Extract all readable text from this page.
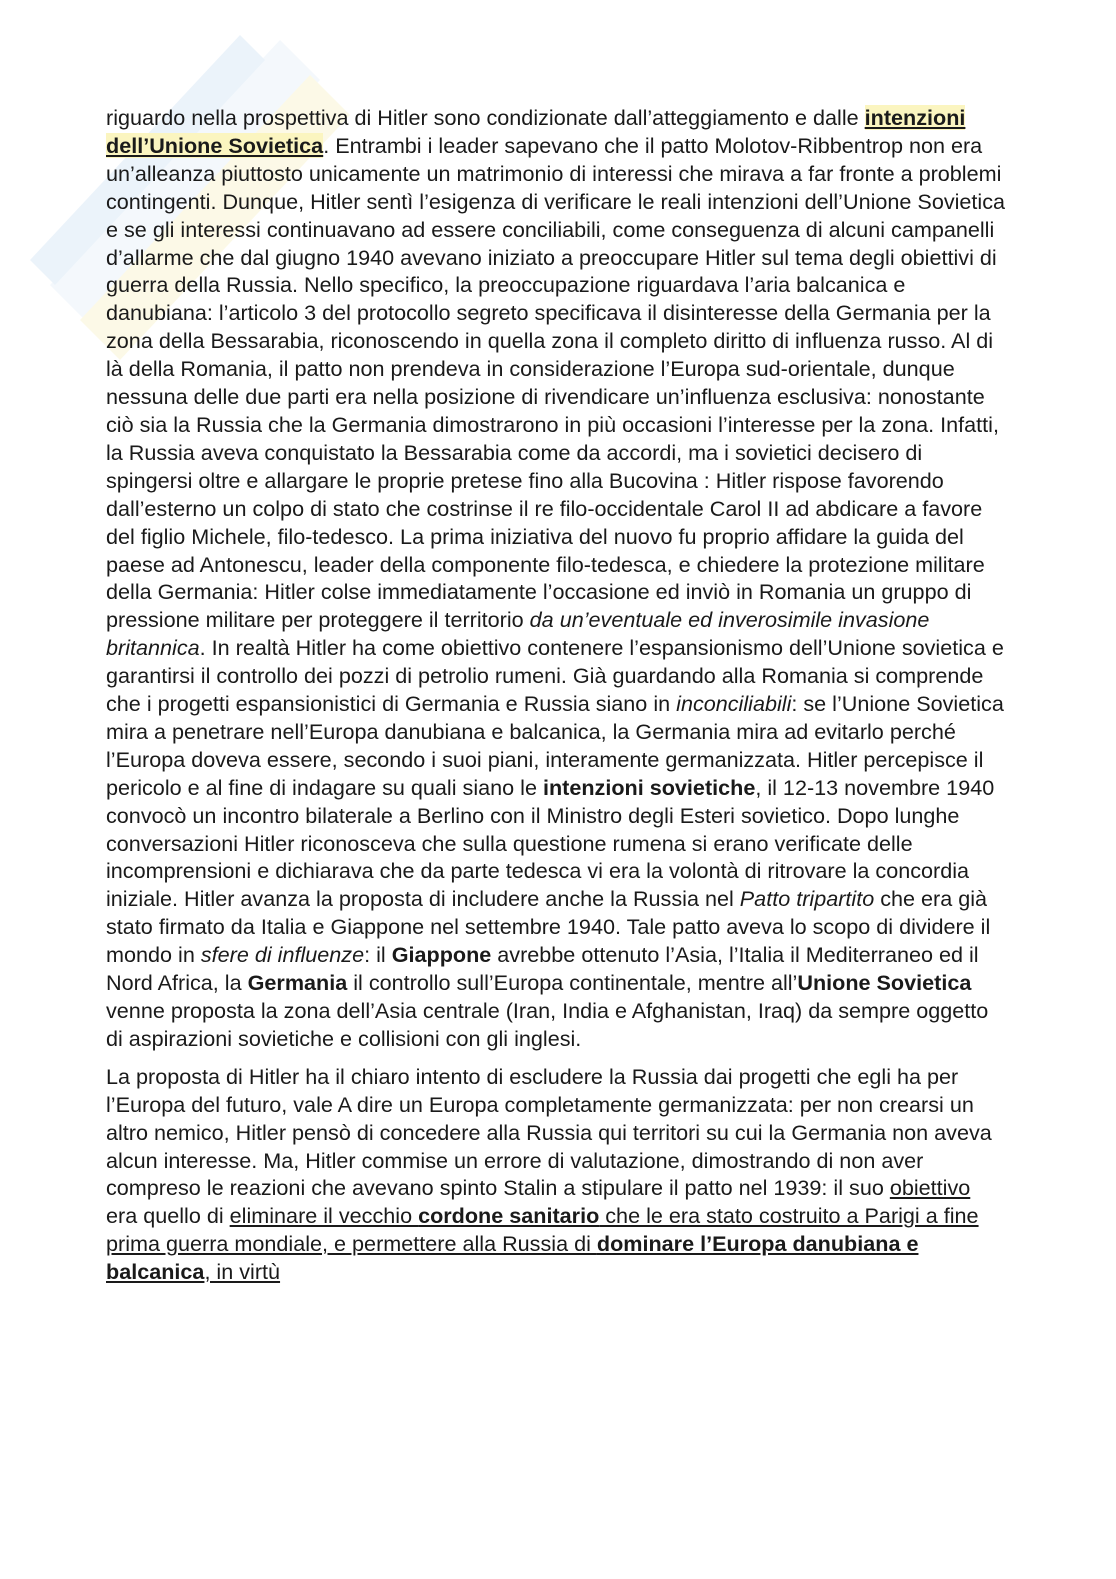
riguardo nella prospettiva di Hitler sono condizionate dall’atteggiamento e dalle intenzioni dell’Unione Sovietica. Entrambi i leader sapevano che il patto Molotov-Ribbentrop non era un’alleanza piuttosto unicamente un matrimonio di interessi che mirava a far fronte a problemi contingenti. Dunque, Hitler sentì l’esigenza di verificare le reali intenzioni dell’Unione Sovietica e se gli interessi continuavano ad essere conciliabili, come conseguenza di alcuni campanelli d’allarme che dal giugno 1940 avevano iniziato a preoccupare Hitler sul tema degli obiettivi di guerra della Russia. Nello specifico, la preoccupazione riguardava l’aria balcanica e danubiana: l’articolo 3 del protocollo segreto specificava il disinteresse della Germania per la zona della Bessarabia, riconoscendo in quella zona il completo diritto di influenza russo. Al di là della Romania, il patto non prendeva in considerazione l’Europa sud-orientale, dunque nessuna delle due parti era nella posizione di rivendicare un’influenza esclusiva: nonostante ciò sia la Russia che la Germania dimostrarono in più occasioni l’interesse per la zona. Infatti, la Russia aveva conquistato la Bessarabia come da accordi, ma i sovietici decisero di spingersi oltre e allargare le proprie pretese fino alla Bucovina : Hitler rispose favorendo dall’esterno un colpo di stato che costrinse il re filo-occidentale Carol II ad abdicare a favore del figlio Michele, filo-tedesco. La prima iniziativa del nuovo fu proprio affidare la guida del paese ad Antonescu, leader della componente filo-tedesca, e chiedere la protezione militare della Germania: Hitler colse immediatamente l’occasione ed inviò in Romania un gruppo di pressione militare per proteggere il territorio da un’eventuale ed inverosimile invasione britannica. In realtà Hitler ha come obiettivo contenere l’espansionismo dell’Unione sovietica e garantirsi il controllo dei pozzi di petrolio rumeni. Già guardando alla Romania si comprende che i progetti espansionistici di Germania e Russia siano in inconciliabili: se l’Unione Sovietica mira a penetrare nell’Europa danubiana e balcanica, la Germania mira ad evitarlo perché l’Europa doveva essere, secondo i suoi piani, interamente germanizzata. Hitler percepisce il pericolo e al fine di indagare su quali siano le intenzioni sovietiche, il 12-13 novembre 1940 convocò un incontro bilaterale a Berlino con il Ministro degli Esteri sovietico. Dopo lunghe conversazioni Hitler riconosceva che sulla questione rumena si erano verificate delle incomprensioni e dichiarava che da parte tedesca vi era la volontà di ritrovare la concordia iniziale. Hitler avanza la proposta di includere anche la Russia nel Patto tripartito che era già stato firmato da Italia e Giappone nel settembre 1940. Tale patto aveva lo scopo di dividere il mondo in sfere di influenze: il Giappone avrebbe ottenuto l’Asia, l’Italia il Mediterraneo ed il Nord Africa, la Germania il controllo sull’Europa continentale, mentre all’Unione Sovietica venne proposta la zona dell’Asia centrale (Iran, India e Afghanistan, Iraq) da sempre oggetto di aspirazioni sovietiche e collisioni con gli inglesi.

La proposta di Hitler ha il chiaro intento di escludere la Russia dai progetti che egli ha per l’Europa del futuro, vale A dire un Europa completamente germanizzata: per non crearsi un altro nemico, Hitler pensò di concedere alla Russia qui territori su cui la Germania non aveva alcun interesse. Ma, Hitler commise un errore di valutazione, dimostrando di non aver compreso le reazioni che avevano spinto Stalin a stipulare il patto nel 1939: il suo obiettivo era quello di eliminare il vecchio cordone sanitario che le era stato costruito a Parigi a fine prima guerra mondiale, e permettere alla Russia di dominare l’Europa danubiana e balcanica, in virtù
